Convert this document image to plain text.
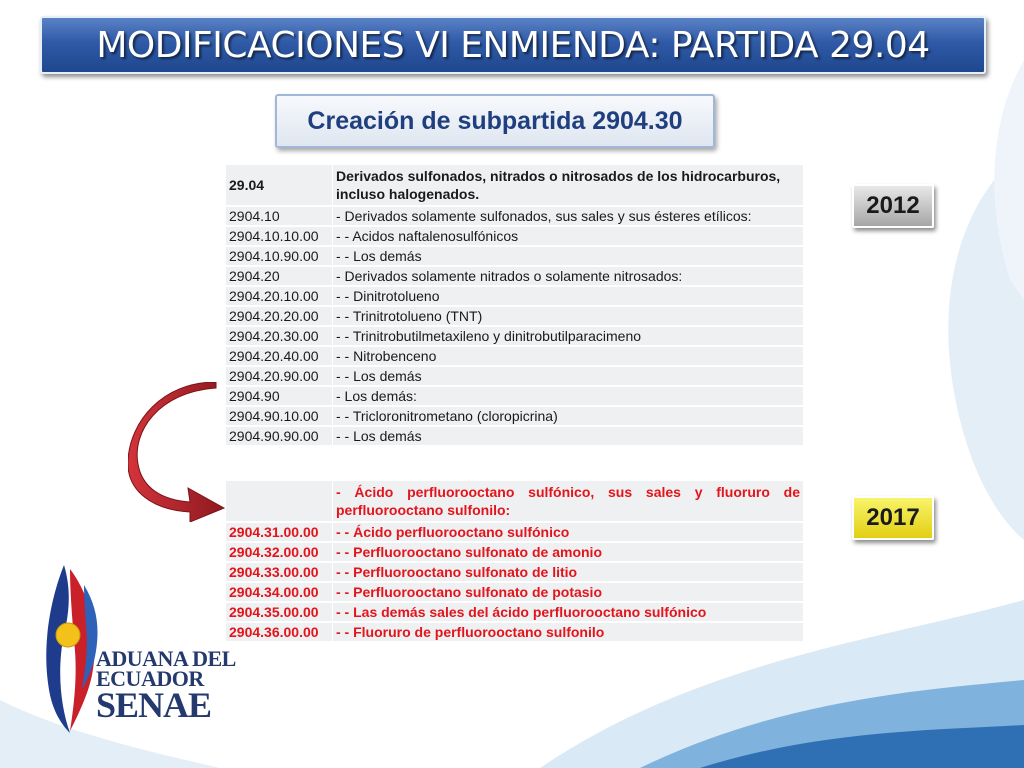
MODIFICACIONES VI ENMIENDA: PARTIDA 29.04
Creación de subpartida 2904.30
2012
2017
29.04	Derivados sulfonados, nitrados o nitrosados de los hidrocarburos, incluso halogenados.
2904.10	- Derivados solamente sulfonados, sus sales y sus ésteres etílicos:
2904.10.10.00	- - Acidos naftalenosulfónicos
2904.10.90.00	- - Los demás
2904.20	- Derivados solamente nitrados o solamente nitrosados:
2904.20.10.00	- - Dinitrotolueno
2904.20.20.00	- - Trinitrotolueno (TNT)
2904.20.30.00	- - Trinitrobutilmetaxileno y dinitrobutilparacimeno
2904.20.40.00	- - Nitrobenceno
2904.20.90.00	- - Los demás
2904.90	- Los demás:
2904.90.10.00	- - Tricloronitrometano (cloropicrina)
2904.90.90.00	- - Los demás
	- Ácido perfluorooctano sulfónico, sus sales y fluoruro de perfluorooctano sulfonilo:
2904.31.00.00	- - Ácido perfluorooctano sulfónico
2904.32.00.00	- - Perfluorooctano sulfonato de amonio
2904.33.00.00	- - Perfluorooctano sulfonato de litio
2904.34.00.00	- - Perfluorooctano sulfonato de potasio
2904.35.00.00	- - Las demás sales del ácido perfluorooctano sulfónico
2904.36.00.00	- - Fluoruro de perfluorooctano sulfonilo
ADUANA DEL
ECUADOR
SENAE
